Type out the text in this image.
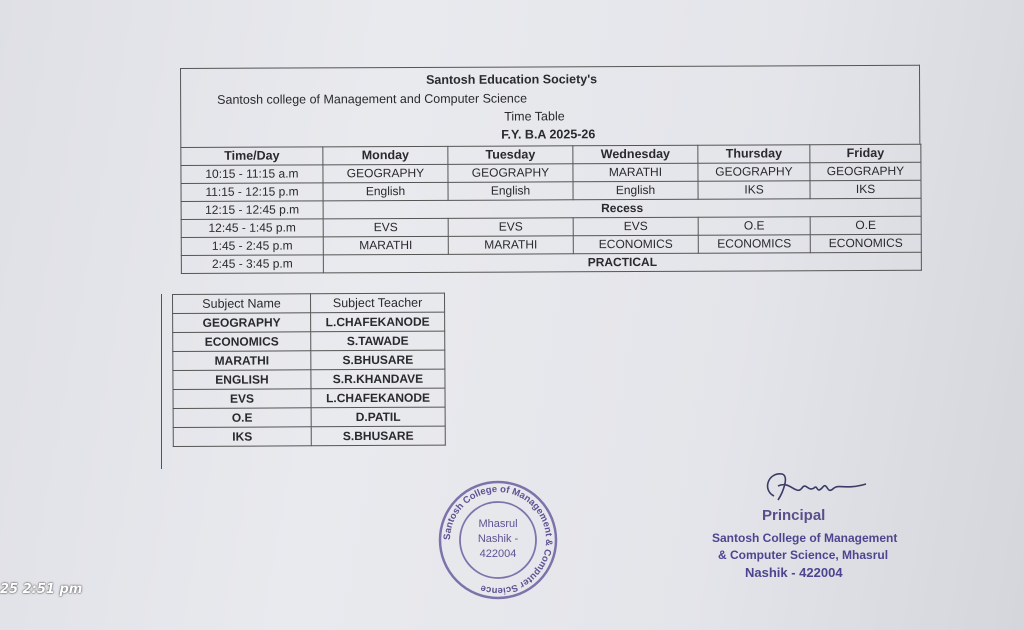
Santosh Education Society's
Santosh college of Management and Computer Science
Time Table
F.Y. B.A 2025-26
Time/Day	Monday	Tuesday	Wednesday	Thursday	Friday
10:15 - 11:15 a.m	GEOGRAPHY	GEOGRAPHY	MARATHI	GEOGRAPHY	GEOGRAPHY
11:15 - 12:15 p.m	English	English	English	IKS	IKS
12:15 - 12:45 p.m	Recess				
12:45 - 1:45 p.m	EVS	EVS	EVS	O.E	O.E
1:45 - 2:45 p.m	MARATHI	MARATHI	ECONOMICS	ECONOMICS	ECONOMICS
2:45 - 3:45 p.m	PRACTICAL				
Subject Name	Subject Teacher
GEOGRAPHY	L.CHAFEKANODE
ECONOMICS	S.TAWADE
MARATHI	S.BHUSARE
ENGLISH	S.R.KHANDAVE
EVS	L.CHAFEKANODE
O.E	D.PATIL
IKS	S.BHUSARE
Santosh College of Management & Computer Science
Mhasrul
Nashik -
422004
Principal
Santosh College of Management
& Computer Science, Mhasrul
Nashik - 422004
25 2:51 pm
